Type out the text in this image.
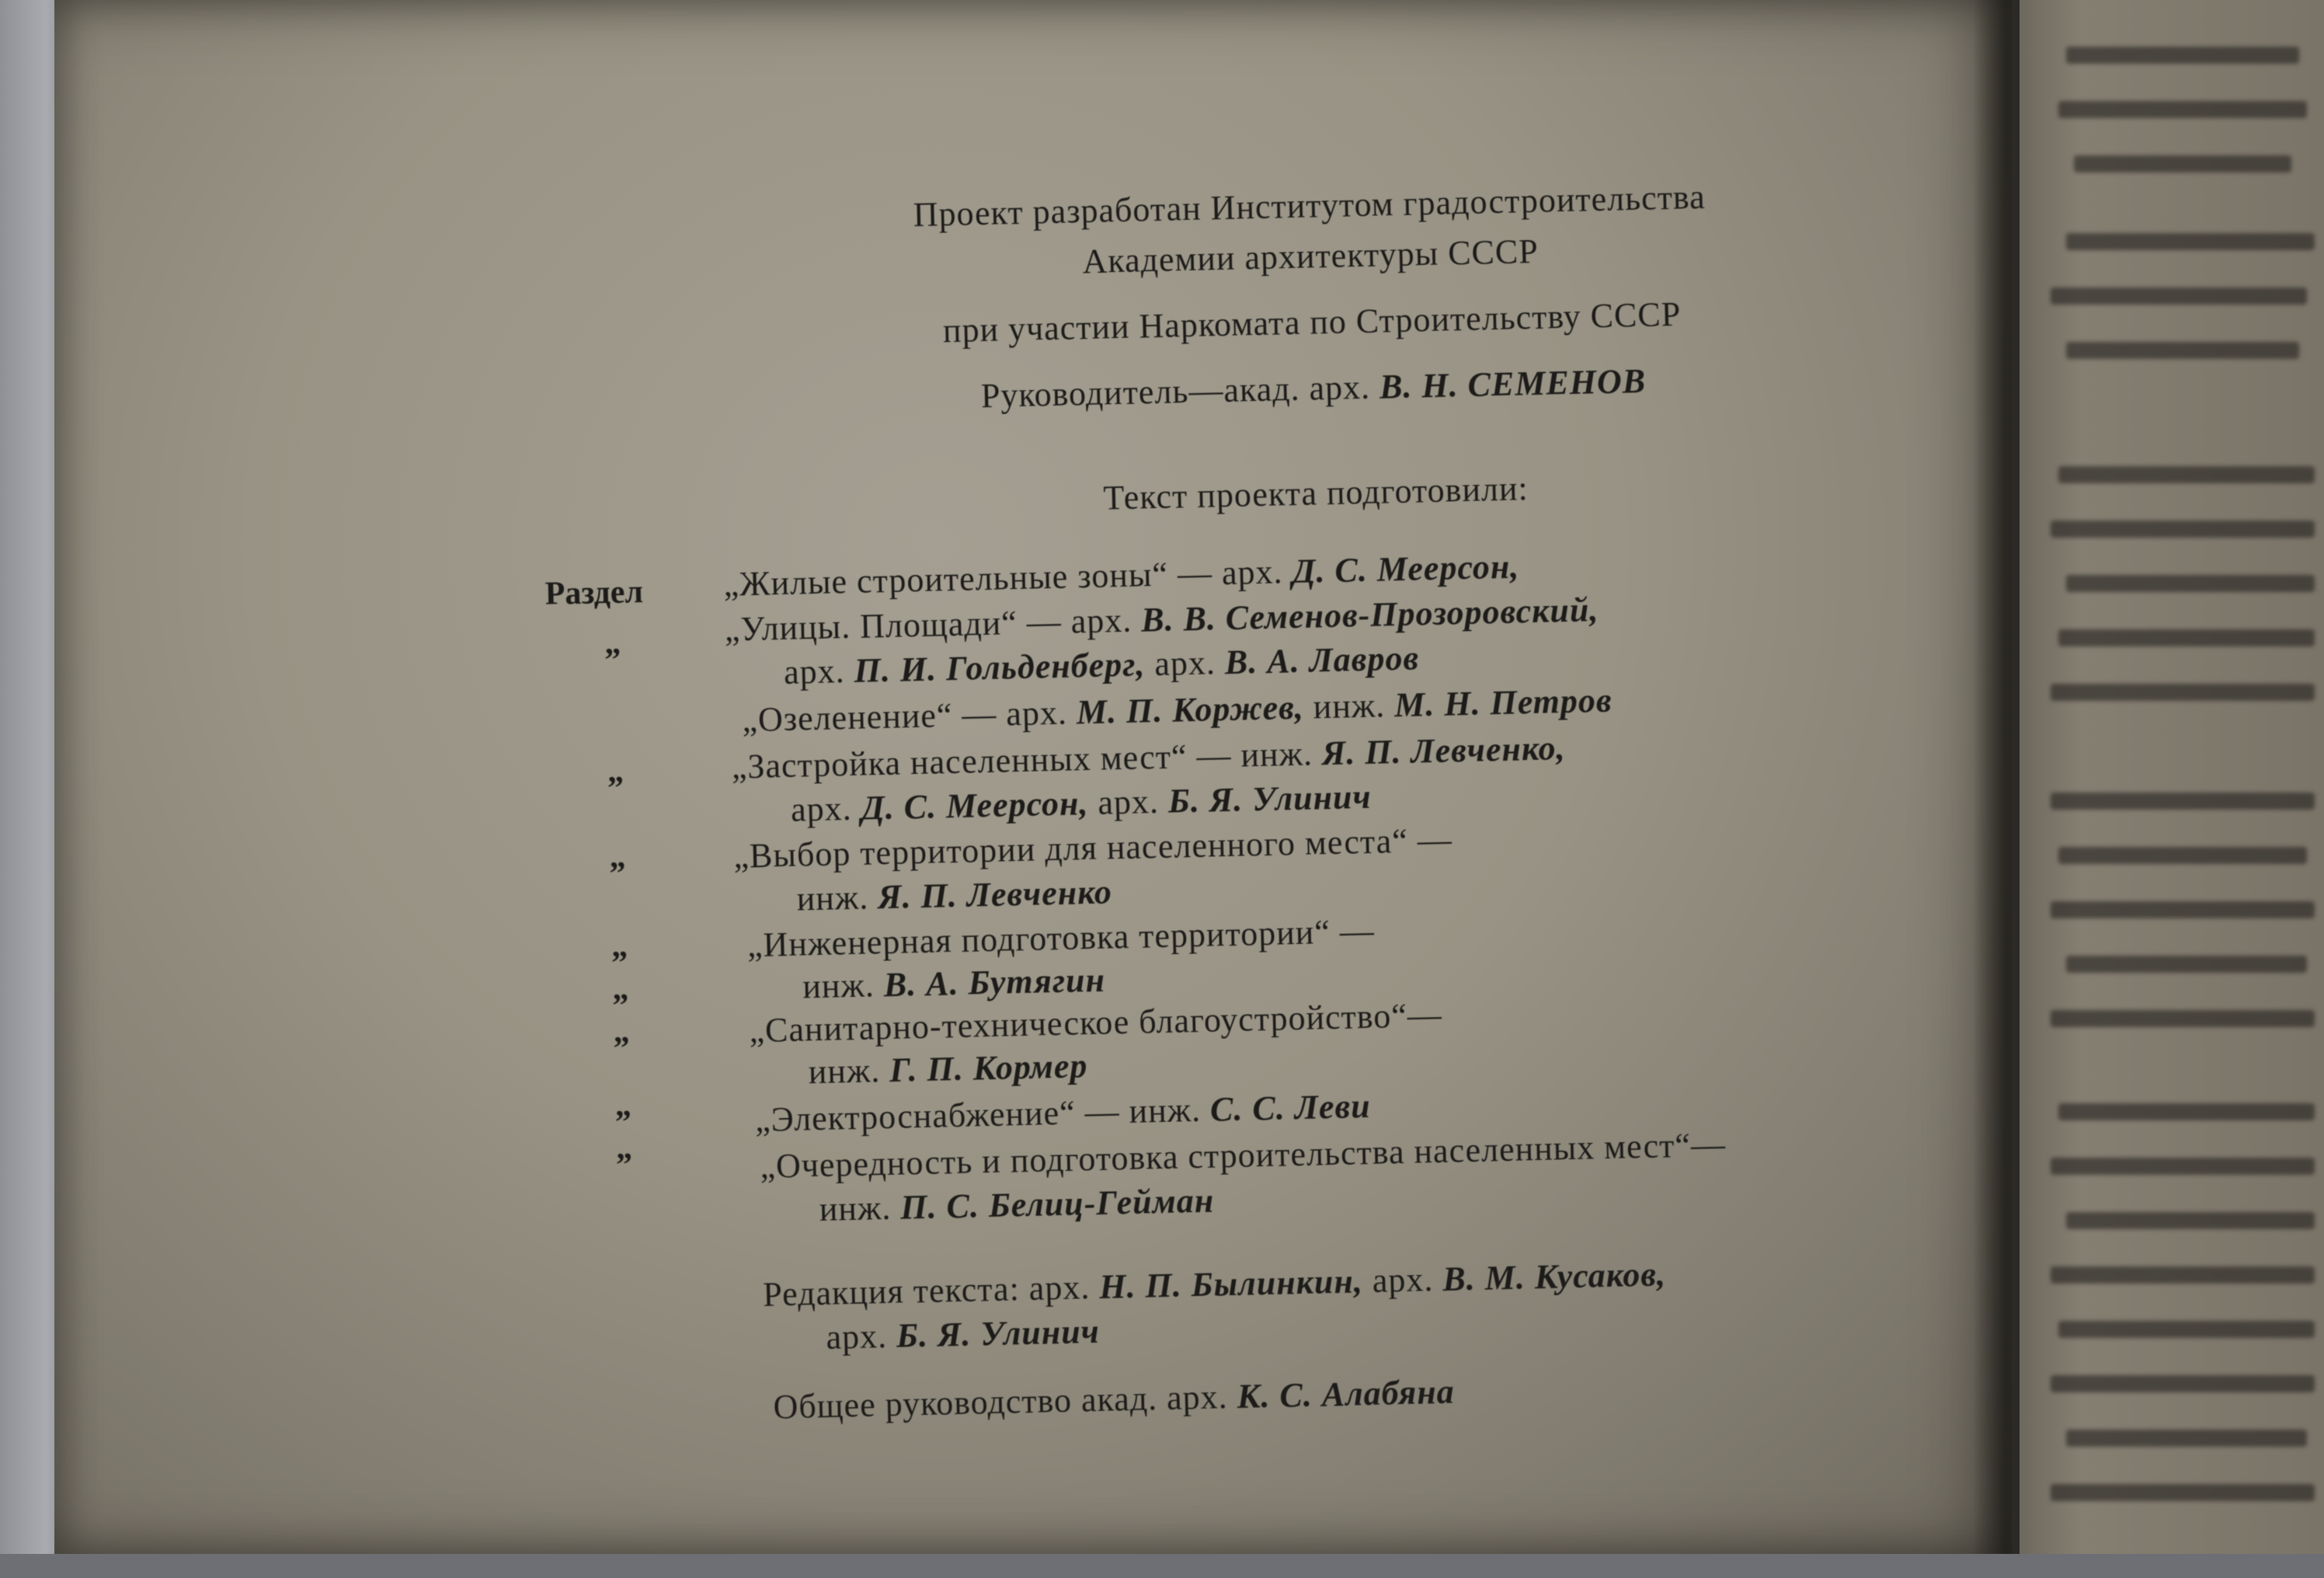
Проект разработан Институтом градостроительства
Академии архитектуры СССР
при участии Наркомата по Строительству СССР
Руководитель—акад. арх. В. Н. СЕМЕНОВ
Текст проекта подготовили:
Раздел
„
„
„
„
„
„
„
„
„Жилые строительные зоны“ — арх. Д. С. Меерсон,
„Улицы. Площади“ — арх. В. В. Семенов-Прозоровский,
арх. П. И. Гольденберг, арх. В. А. Лавров
„Озеленение“ — арх. М. П. Коржев, инж. М. Н. Петров
„Застройка населенных мест“ — инж. Я. П. Левченко,
арх. Д. С. Меерсон, арх. Б. Я. Улинич
„Выбор территории для населенного места“ —
инж. Я. П. Левченко
„Инженерная подготовка территории“ —
инж. В. А. Бутягин
„Санитарно-техническое благоустройство“—
инж. Г. П. Кормер
„Электроснабжение“ — инж. С. С. Леви
„Очередность и подготовка строительства населенных мест“—
инж. П. С. Белиц-Гейман
Редакция текста: арх. Н. П. Былинкин, арх. В. М. Кусаков,
арх. Б. Я. Улинич
Общее руководство акад. арх. К. С. Алабяна
